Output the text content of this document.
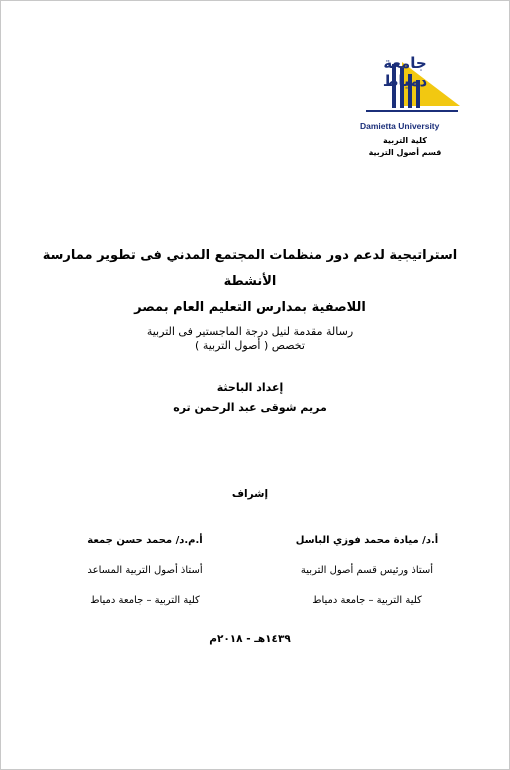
جامعة دمياط
Damietta University
كلية التربية
قسم أصول التربية
استراتيجية لدعم دور منظمات المجتمع المدني فى تطوير ممارسة الأنشطة
اللاصفية بمدارس التعليم العام بمصر
رسالة مقدمة لنيل درجة الماجستير فى التربية
تخصص ( أصول التربية )
إعداد الباحثة
مريم شوقى عبد الرحمن تره
إشراف
أ.د/ ميادة محمد فوزي الباسل
أستاذ ورئيس قسم أصول التربية
كلية التربية – جامعة دمياط
أ.م.د/ محمد حسن جمعة
أستاذ أصول التربية المساعد
كلية التربية – جامعة دمياط
١٤٣٩هـ - ٢٠١٨م
